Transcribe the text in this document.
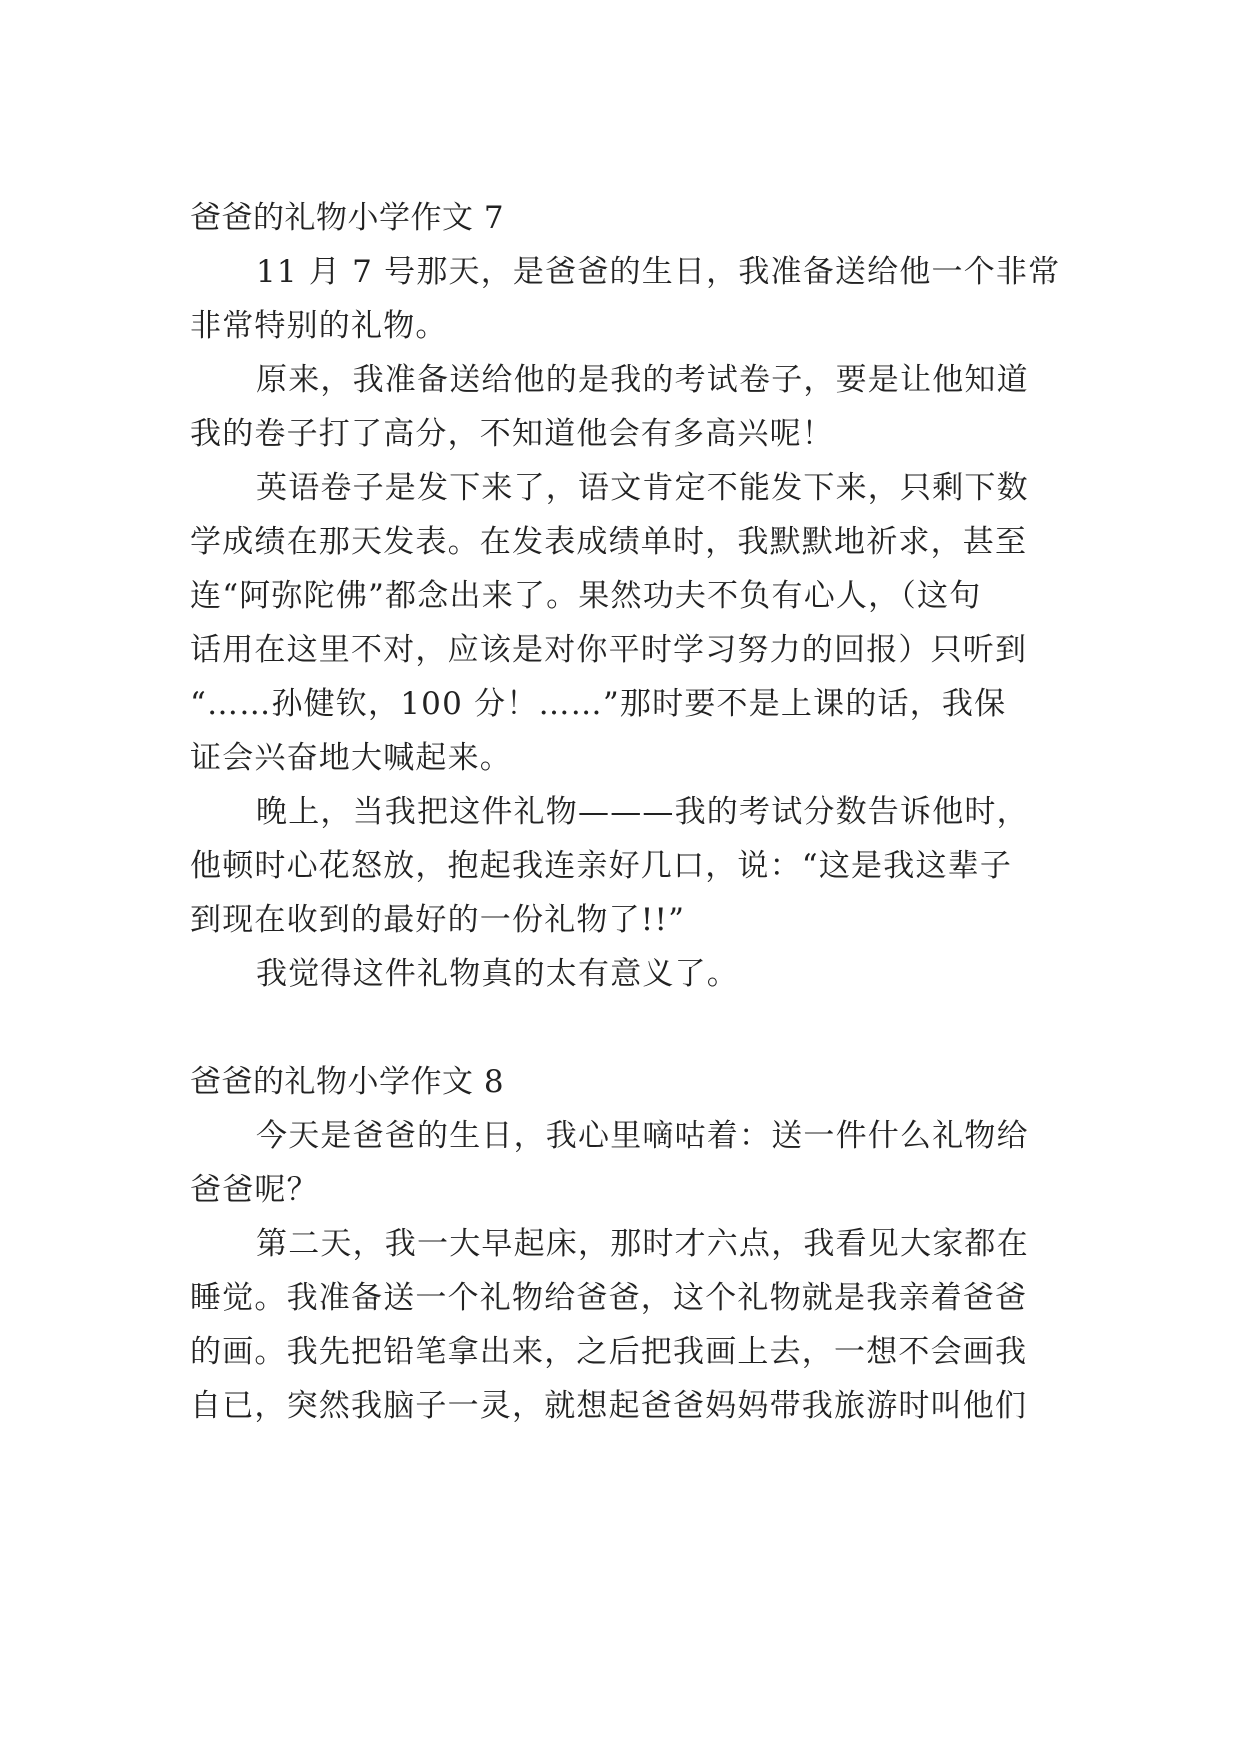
爸爸的礼物小学作文 7
11 月 7 号那天，是爸爸的生日，我准备送给他一个非常
非常特别的礼物。
原来，我准备送给他的是我的考试卷子，要是让他知道
我的卷子打了高分，不知道他会有多高兴呢！
英语卷子是发下来了，语文肯定不能发下来，只剩下数
学成绩在那天发表。在发表成绩单时，我默默地祈求，甚至
连“阿弥陀佛”都念出来了。果然功夫不负有心人，（这句
话用在这里不对，应该是对你平时学习努力的回报）只听到
“……孙健钦，100 分！……”那时要不是上课的话，我保
证会兴奋地大喊起来。
晚上，当我把这件礼物———我的考试分数告诉他时，
他顿时心花怒放，抱起我连亲好几口，说：“这是我这辈子
到现在收到的最好的一份礼物了!!”
我觉得这件礼物真的太有意义了。
爸爸的礼物小学作文 8
今天是爸爸的生日，我心里嘀咕着：送一件什么礼物给
爸爸呢？
第二天，我一大早起床，那时才六点，我看见大家都在
睡觉。我准备送一个礼物给爸爸，这个礼物就是我亲着爸爸
的画。我先把铅笔拿出来，之后把我画上去，一想不会画我
自已，突然我脑子一灵，就想起爸爸妈妈带我旅游时叫他们
